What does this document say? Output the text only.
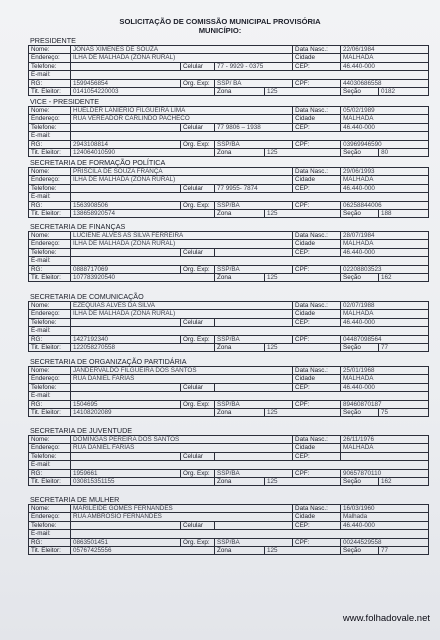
SOLICITAÇÃO DE COMISSÃO MUNICIPAL PROVISÓRIA
MUNICÍPIO:
PRESIDENTE
Nome:	JONAS XIMENES DE SOUZA				Data Nasc.:	22/06/1984	
Endereço:	ILHA DE MALHADA (ZONA RURAL)				Cidade	MALHADA	
Telefone:		Celular	77 - 9929 - 0375		CEP:	46.440-000	
E-mail:							
RG:	1599456854	Org. Exp:	SSP/ BA		CPF:	44030686558	
Tit. Eleitor:	0141054220003		Zona	125		Seção	0182
VICE - PRESIDENTE
Nome:	HUELDER LANIERIO FILGUEIRA LIMA				Data Nasc.:	05/02/1989	
Endereço:	RUA VEREADOR CARLINDO PACHECO				Cidade	MALHADA	
Telefone:		Celular	77 9806 – 1938		CEP:	46.440-000	
E-mail:							
RG:	2943108814	Org. Exp:	SSP/BA		CPF:	03969946590	
Tit. Eleitor:	124064010590		Zona	125		Seção	80
SECRETARIA DE FORMAÇÃO POLÍTICA
Nome:	PRISCILA DE SOUZA FRANÇA				Data Nasc.:	29/06/1993	
Endereço:	ILHA DE MALHADA (ZONA RURAL)				Cidade	MALHADA	
Telefone:		Celular	77 9955- 7874		CEP:	46.440-000	
E-mail:							
RG:	1563908506	Org. Exp:	SSP/BA		CPF:	06258844006	
Tit. Eleitor:	138658920574		Zona	125		Seção	188
SECRETARIA DE FINANÇAS
Nome:	LUCIENE ALVES AS SILVA FERREIRA				Data Nasc.:	28/07/1984	
Endereço:	ILHA DE MALHADA (ZONA RURAL)				Cidade	MALHADA	
Telefone:		Celular			CEP:	46.440-000	
E-mail:							
RG:	0888717069	Org. Exp:	SSP/BA		CPF:	02208803523	
Tit. Eleitor:	107783920540		Zona	125		Seção	162
SECRETARIA DE COMUNICAÇÃO
Nome:	EZEQUIAS ALVES DA SILVA				Data Nasc.:	02/07/1988	
Endereço:	ILHA DE MALHADA (ZONA RURAL)				Cidade	MALHADA	
Telefone:		Celular			CEP:	46.440-000	
E-mail:							
RG:	1427192340	Org. Exp:	SSP/BA		CPF:	04487098564	
Tit. Eleitor:	122058270558		Zona	125		Seção	77
SECRETARIA DE ORGANIZAÇÃO PARTIDÁRIA
Nome:	JANDERVALDO FILGUEIRA DOS SANTOS				Data Nasc.:	25/01/1968	
Endereço:	RUA DANIEL FARIAS				Cidade	MALHADA	
Telefone:		Celular			CEP:	46.440-000	
E-mail:							
RG:	1504695	Org. Exp:	SSP/BA		CPF:	89460870187	
Tit. Eleitor:	14108202089		Zona	125		Seção	75
SECRETARIA DE JUVENTUDE
Nome:	DOMINGAS PEREIRA DOS SANTOS				Data Nasc.:	26/11/1976	
Endereço:	RUA DANIEL FARIAS				Cidade	MALHADA	
Telefone:		Celular			CEP:		
E-mail:							
RG:	1959661	Org. Exp:	SSP/BA		CPF:	90657870110	
Tit. Eleitor:	030815351155		Zona	125		Seção	162
SECRETARIA DE MULHER
Nome:	MARILEIDE GOMES FERNANDES				Data Nasc.:	16/03/1960	
Endereço:	RUA AMBROSIO FERNANDES				Cidade	Malhada	
Telefone:		Celular			CEP:	46.440-000	
E-mail:							
RG:	0863501451	Org. Exp:	SSP/BA		CPF:	00244529558	
Tit. Eleitor:	05767425556		Zona	125		Seção	77
www.folhadovale.net
